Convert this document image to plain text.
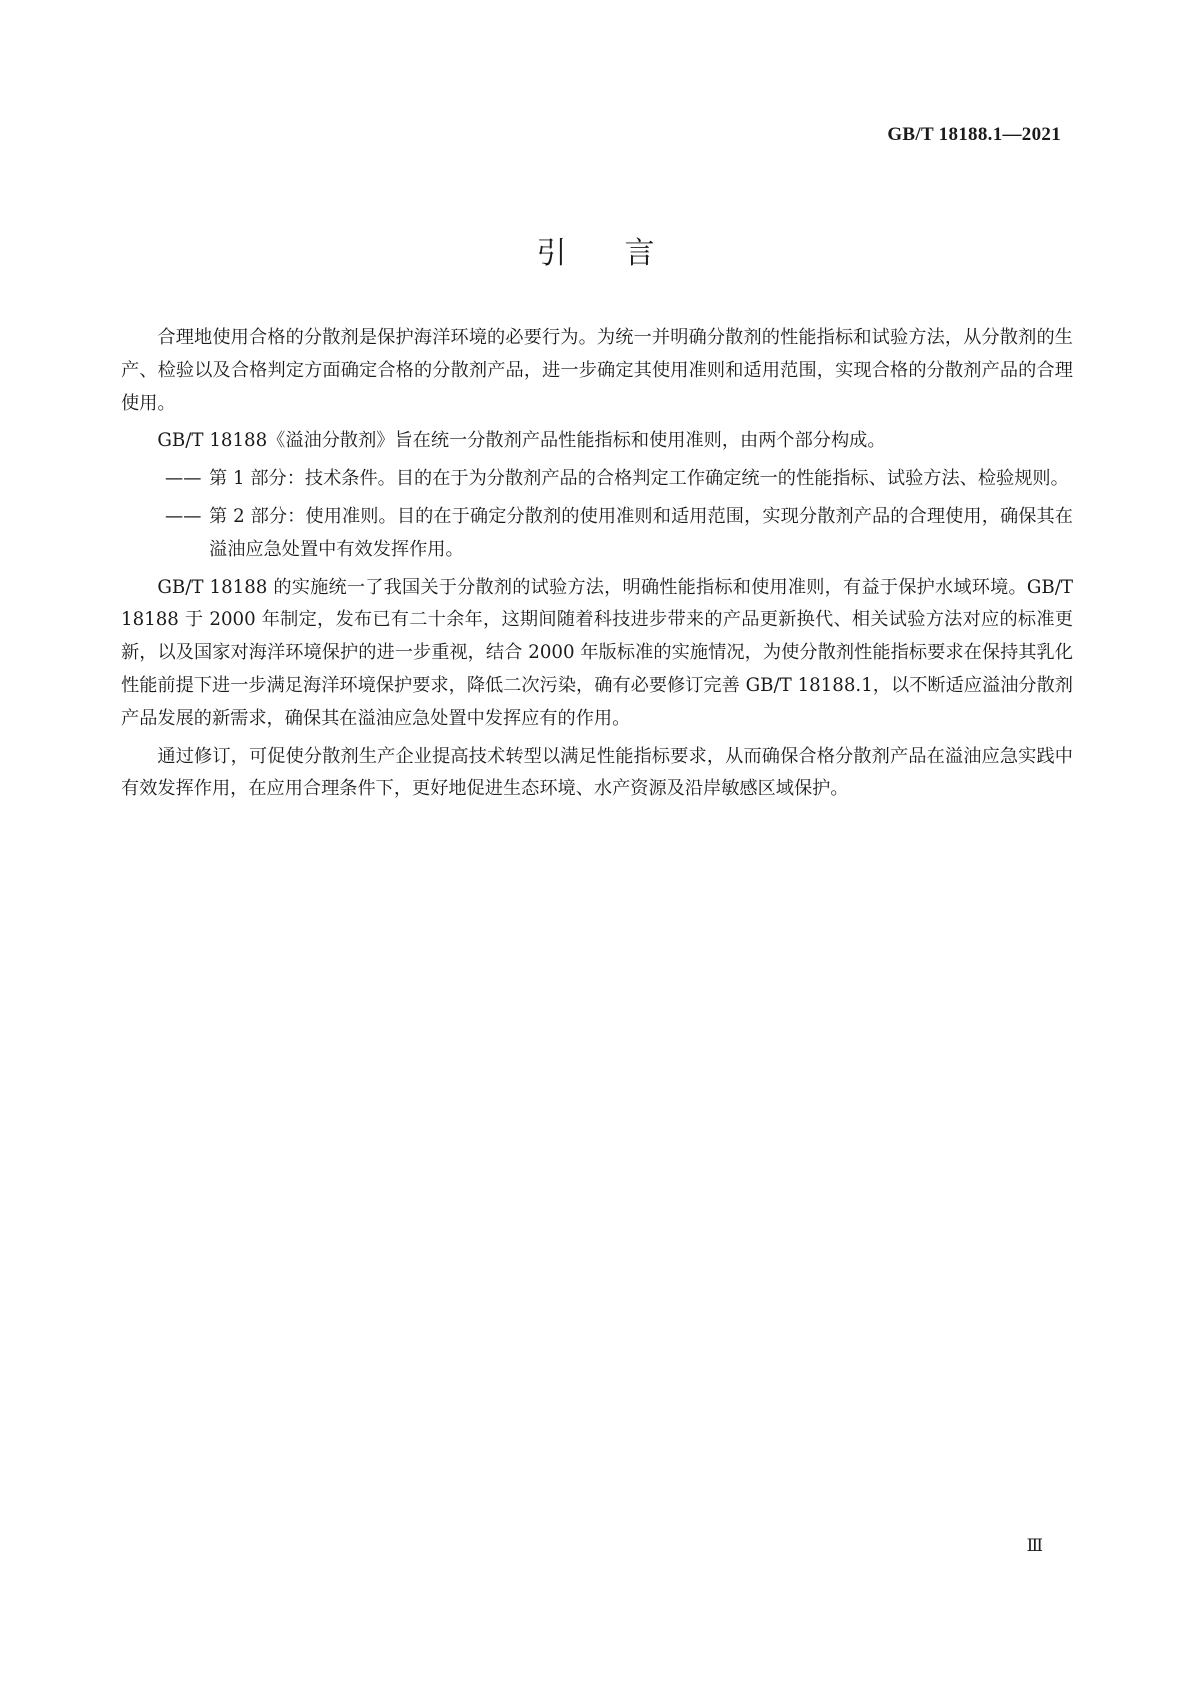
GB/T 18188.1—2021
引言

合理地使用合格的分散剂是保护海洋环境的必要行为。为统一并明确分散剂的性能指标和试验方法，从分散剂的生产、检验以及合格判定方面确定合格的分散剂产品，进一步确定其使用准则和适用范围，实现合格的分散剂产品的合理使用。

GB/T 18188《溢油分散剂》旨在统一分散剂产品性能指标和使用准则，由两个部分构成。

—— 第 1 部分：技术条件。目的在于为分散剂产品的合格判定工作确定统一的性能指标、试验方法、检验规则。

—— 第 2 部分：使用准则。目的在于确定分散剂的使用准则和适用范围，实现分散剂产品的合理使用，确保其在溢油应急处置中有效发挥作用。

GB/T 18188 的实施统一了我国关于分散剂的试验方法，明确性能指标和使用准则，有益于保护水域环境。GB/T 18188 于 2000 年制定，发布已有二十余年，这期间随着科技进步带来的产品更新换代、相关试验方法对应的标准更新，以及国家对海洋环境保护的进一步重视，结合 2000 年版标准的实施情况，为使分散剂性能指标要求在保持其乳化性能前提下进一步满足海洋环境保护要求，降低二次污染，确有必要修订完善 GB/T 18188.1，以不断适应溢油分散剂产品发展的新需求，确保其在溢油应急处置中发挥应有的作用。

通过修订，可促使分散剂生产企业提高技术转型以满足性能指标要求，从而确保合格分散剂产品在溢油应急实践中有效发挥作用，在应用合理条件下，更好地促进生态环境、水产资源及沿岸敏感区域保护。

Ⅲ
